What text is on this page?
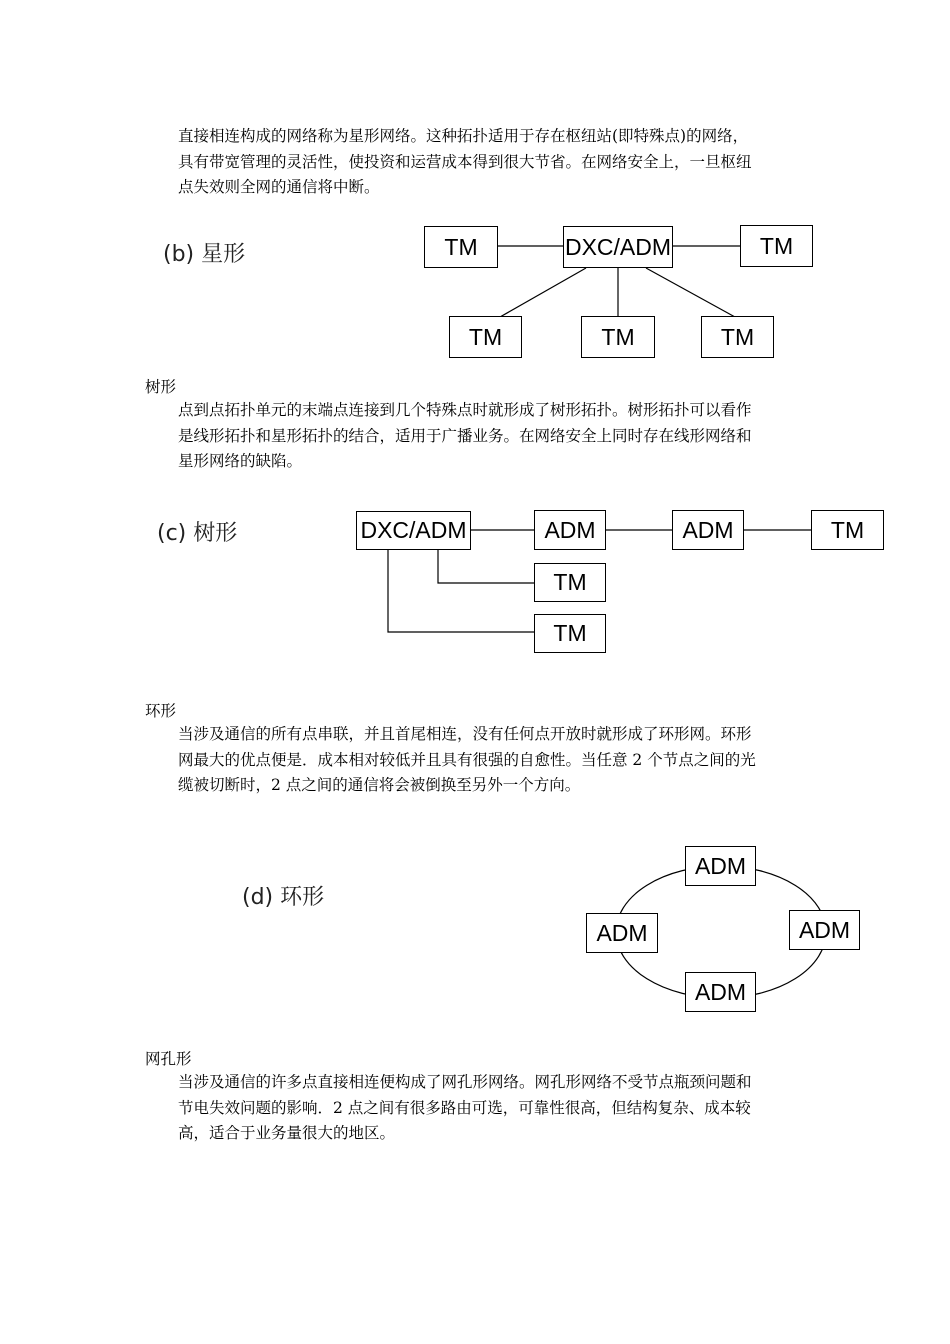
直接相连构成的网络称为星形网络。这种拓扑适用于存在枢纽站(即特殊点)的网络，
具有带宽管理的灵活性，使投资和运营成本得到很大节省。在网络安全上，一旦枢纽
点失效则全网的通信将中断。

(b) 星形	TM	DXC/ADM	TM
TM	TM	TM

树形

点到点拓扑单元的末端点连接到几个特殊点时就形成了树形拓扑。树形拓扑可以看作
是线形拓扑和星形拓扑的结合，适用于广播业务。在网络安全上同时存在线形网络和
星形网络的缺陷。

(c) 树形	DXC/ADM	ADM	ADM	TM
TM
TM

环形

当涉及通信的所有点串联，并且首尾相连，没有任何点开放时就形成了环形网。环形
网最大的优点便是．成本相对较低并且具有很强的自愈性。当任意 2 个节点之间的光
缆被切断时，2 点之间的通信将会被倒换至另外一个方向。

(d) 环形
ADM
ADM	ADM
ADM

网孔形

当涉及通信的许多点直接相连便构成了网孔形网络。网孔形网络不受节点瓶颈问题和
节电失效问题的影响．2 点之间有很多路由可选，可靠性很高，但结构复杂、成本较
高，适合于业务量很大的地区。
